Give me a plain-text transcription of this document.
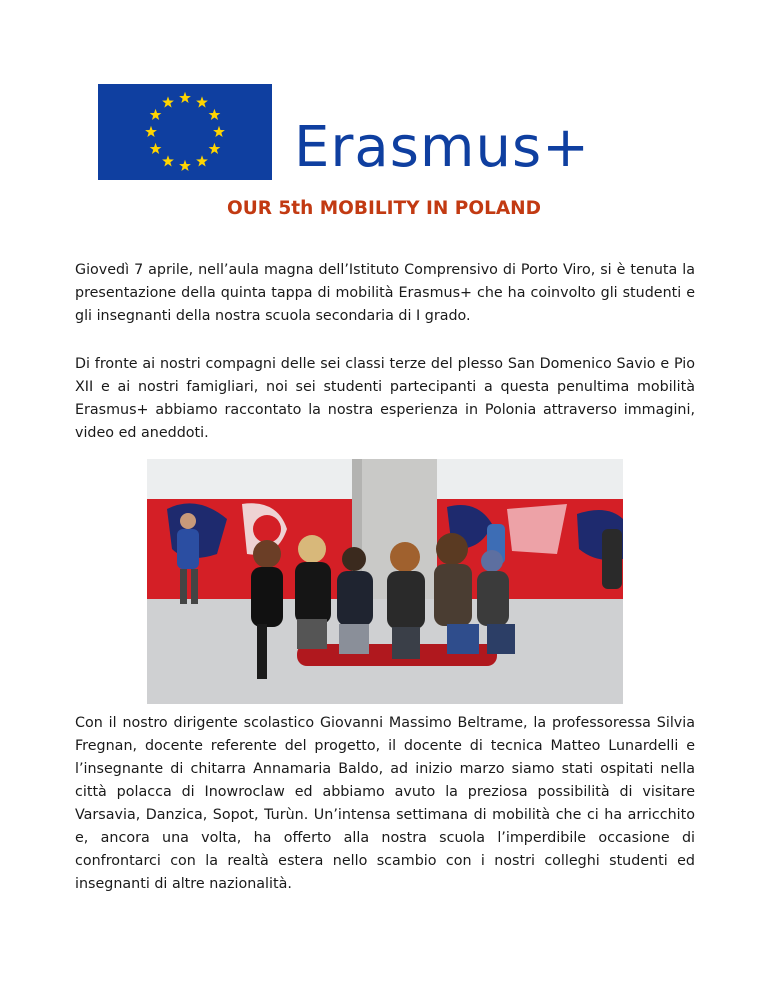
Erasmus+
OUR 5th MOBILITY IN POLAND

Giovedì 7 aprile, nell’aula magna dell’Istituto Comprensivo di Porto Viro, si è tenuta la presentazione della quinta tappa di mobilità Erasmus+ che ha coinvolto gli studenti e gli insegnanti della nostra scuola secondaria di I grado.

Di fronte ai nostri compagni delle sei classi terze del plesso San Domenico Savio e Pio XII e ai nostri famigliari, noi sei studenti partecipanti a questa penultima mobilità Erasmus+ abbiamo raccontato la nostra esperienza in Polonia attraverso immagini, video ed aneddoti.

Con il nostro dirigente scolastico Giovanni Massimo Beltrame, la professoressa Silvia Fregnan, docente referente del progetto, il docente di tecnica Matteo Lunardelli e l’insegnante di chitarra Annamaria Baldo, ad inizio marzo siamo stati ospitati nella città polacca di Inowroclaw ed abbiamo avuto la preziosa possibilità di visitare Varsavia, Danzica, Sopot, Turùn. Un’intensa settimana di mobilità che ci ha arricchito e, ancora una volta, ha offerto alla nostra scuola l’imperdibile occasione di confrontarci con la realtà estera nello scambio con i nostri colleghi studenti ed insegnanti di altre nazionalità.
